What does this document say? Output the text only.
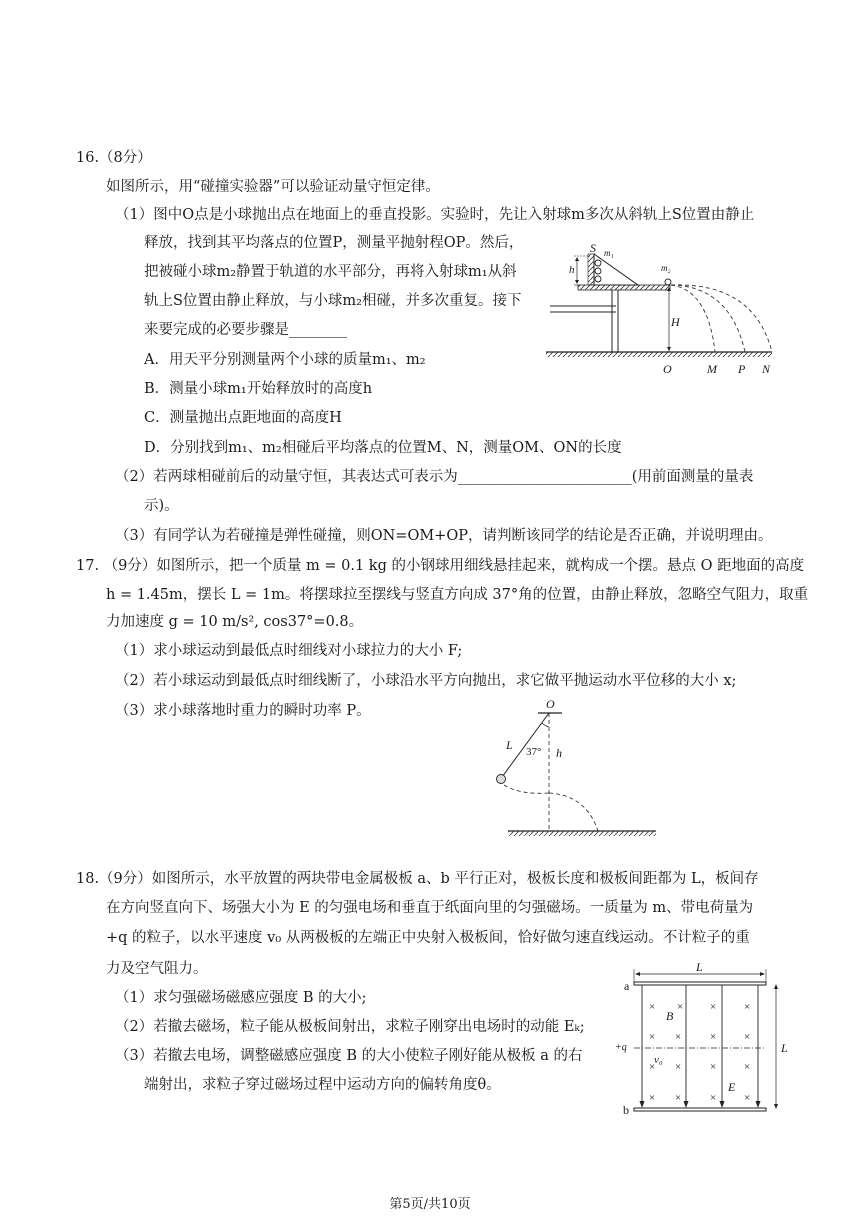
16.（8分）
如图所示，用“碰撞实验器”可以验证动量守恒定律。
（1）图中O点是小球抛出点在地面上的垂直投影。实验时，先让入射球m多次从斜轨上S位置由静止
释放，找到其平均落点的位置P，测量平抛射程OP。然后，
把被碰小球m₂静置于轨道的水平部分，再将入射球m₁从斜
轨上S位置由静止释放，与小球m₂相碰，并多次重复。接下
来要完成的必要步骤是________
A．用天平分别测量两个小球的质量m₁、m₂
B．测量小球m₁开始释放时的高度h
C．测量抛出点距地面的高度H
D．分别找到m₁、m₂相碰后平均落点的位置M、N，测量OM、ON的长度
（2）若两球相碰前后的动量守恒，其表达式可表示为________________________(用前面测量的量表
示)。
（3）有同学认为若碰撞是弹性碰撞，则ON=OM+OP，请判断该同学的结论是否正确，并说明理由。
S m₁
m₂
h
H
O	M P N
17. （9分）如图所示，把一个质量 m = 0.1 kg 的小钢球用细线悬挂起来，就构成一个摆。悬点 O 距地面的高度
h = 1.45m，摆长 L = 1m。将摆球拉至摆线与竖直方向成 37°角的位置，由静止释放，忽略空气阻力，取重
力加速度 g = 10 m/s², cos37°=0.8。
（1）求小球运动到最低点时细线对小球拉力的大小 F;
（2）若小球运动到最低点时细线断了，小球沿水平方向抛出，求它做平抛运动水平位移的大小 x;
（3）求小球落地时重力的瞬时功率 P。	O
L 37° h
18.（9分）如图所示，水平放置的两块带电金属极板 a、b 平行正对，极板长度和极板间距都为 L，板间存
在方向竖直向下、场强大小为 E 的匀强电场和垂直于纸面向里的匀强磁场。一质量为 m、带电荷量为
+q 的粒子，以水平速度 v₀ 从两极板的左端正中央射入极板间，恰好做匀速直线运动。不计粒子的重
力及空气阻力。
（1）求匀强磁场磁感应强度 B 的大小;
（2）若撤去磁场，粒子能从极板间射出，求粒子刚穿出电场时的动能 Eₖ;
（3）若撤去电场，调整磁感应强度 B 的大小使粒子刚好能从极板 a 的右
端射出，求粒子穿过磁场过程中运动方向的偏转角度θ。
× × ×	×
× ×	×	×
× ×	×	×
× ×	×	×
L
L
a
b
B
E
+q
v₀
第5页/共10页
